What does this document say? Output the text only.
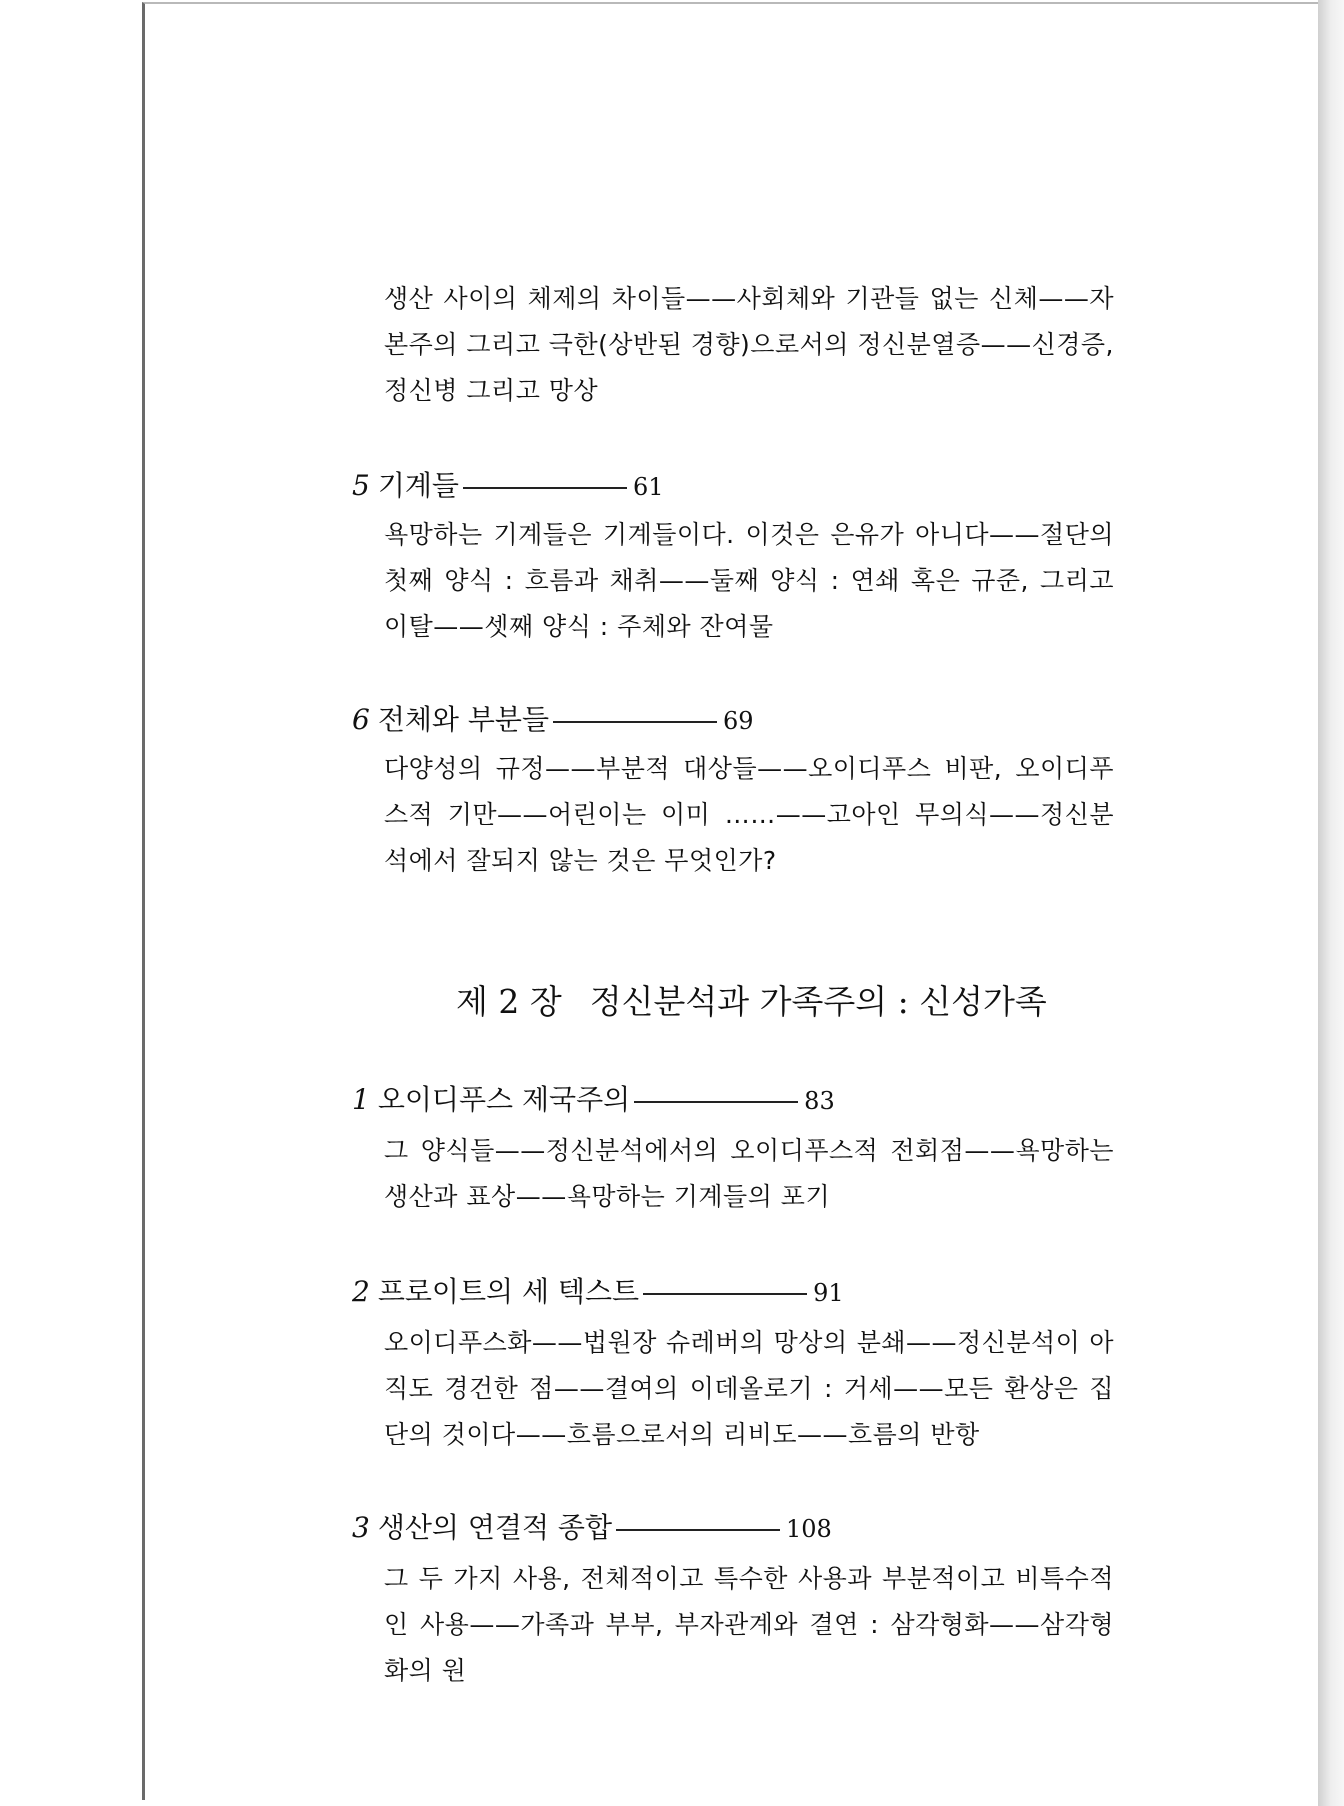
생산 사이의 체제의 차이들——사회체와 기관들 없는 신체——자본주의 그리고 극한(상반된 경향)으로서의 정신분열증——신경증, 정신병 그리고 망상
5 기계들	61
욕망하는 기계들은 기계들이다. 이것은 은유가 아니다——절단의 첫째 양식 : 흐름과 채취——둘째 양식 : 연쇄 혹은 규준, 그리고 이탈——셋째 양식 : 주체와 잔여물
6 전체와 부분들	69
다양성의 규정——부분적 대상들——오이디푸스 비판, 오이디푸스적 기만——어린이는 이미 ……——고아인 무의식——정신분석에서 잘되지 않는 것은 무엇인가?
제 2 장 정신분석과 가족주의 : 신성가족
1 오이디푸스 제국주의	83
그 양식들——정신분석에서의 오이디푸스적 전회점——욕망하는 생산과 표상——욕망하는 기계들의 포기
2 프로이트의 세 텍스트	91
오이디푸스화——법원장 슈레버의 망상의 분쇄——정신분석이 아직도 경건한 점——결여의 이데올로기 : 거세——모든 환상은 집단의 것이다——흐름으로서의 리비도——흐름의 반항
3 생산의 연결적 종합	108
그 두 가지 사용, 전체적이고 특수한 사용과 부분적이고 비특수적인 사용——가족과 부부, 부자관계와 결연 : 삼각형화——삼각형화의 원
